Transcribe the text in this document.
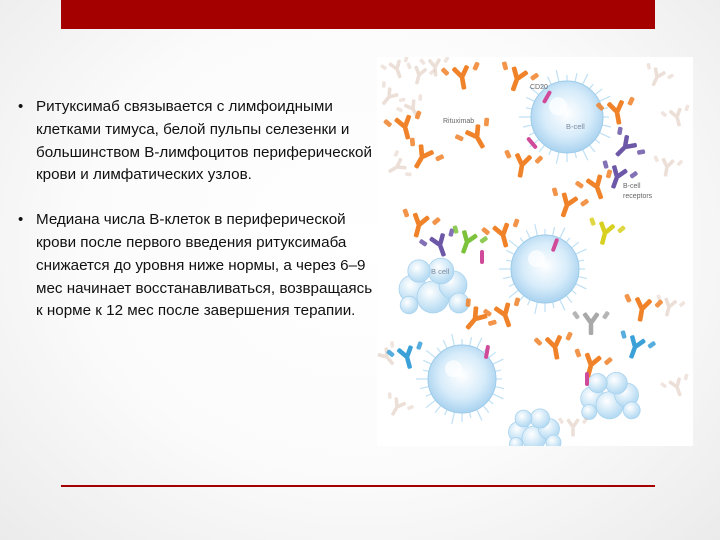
• Ритуксимаб связывается с лимфоидными клетками тимуса, белой пульпы селезенки и большинством В-лимфоцитов периферической крови и лимфатических узлов.
• Медиана числа В-клеток в периферической крови после первого введения ритуксимаба снижается до уровня ниже нормы, а через 6–9 мес начинает восстанавливаться, возвращаясь к норме к 12 мес после завершения терапии.
CD20
Rituximab
B-cell
B-cell
receptors
B cell
